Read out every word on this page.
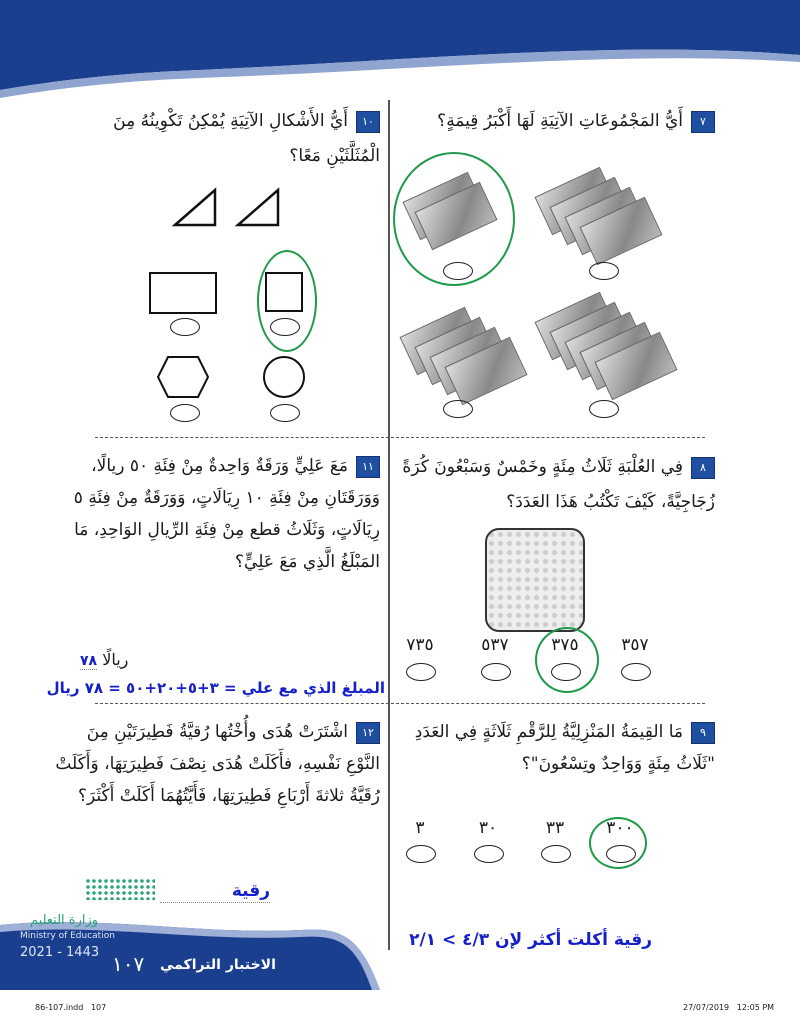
٧أَيُّ المَجْمُوعَاتِ الآتِيَةِ لَهَا أَكْبَرُ قِيمَةٍ؟
١٠أَيُّ الأَشْكالِ الآتِيَةِ يُمْكِنُ تَكْوِينُهُ مِنَ الْمُثَلَّثَيْنِ مَعًا؟
٨فِي العُلْبَةِ ثَلَاثُ مِئَةٍ وخَمْسٌ وَسَبْعُونَ كُرَةً زُجَاجِيَّةً، كَيْفَ تَكْتُبُ هَذَا العَدَدَ؟
٣٥٧
٣٧٥
٥٣٧
٧٣٥
١١مَعَ عَلِيٍّ وَرَقَةٌ وَاحِدةٌ مِنْ فِئَةِ ٥٠ ريالًا، وَوَرَقَتَانِ مِنْ فِئَةِ ١٠ رِيَالَاتٍ، وَوَرَقَةٌ مِنْ فِئَةِ ٥ رِيَالَاتٍ، وَثَلَاثُ قطع مِنْ فِئَةِ الرِّيالِ الوَاحِدِ، مَا المَبْلَغُ الَّذِي مَعَ عَلِيٍّ؟
ريالًا ٧٨
المبلغ الذي مع علي = ٣+٥+٢٠+٥٠ = ٧٨ ريال
٩مَا القِيمَةُ المَنْزِلِيَّةُ لِلرَّقْمِ ثَلَاثَةٍ فِي العَدَدِ "ثَلَاثُ مِئَةٍ وَوَاحِدٌ وتِسْعُونَ"؟
٣٠٠
٣٣
٣٠
٣
رقية أكلت أكثر لإن ٤/٣ > ٢/١
١٢اشْتَرَتْ هُدَى وأُخْتُها رُقيَّةُ فَطِيرَتَيْنِ مِنَ النَّوْعِ نَفْسِهِ، فأَكَلَتْ هُدَى نِصْفَ فَطِيرَتِهَا، وَأَكَلَتْ رُقَيَّةُ ثلاثةَ أَرْبَاعِ فَطِيرَتِهَا، فَأَيَّتُهُمَا أَكَلَتْ أَكْثَرَ؟
رقية
وزارة التعليم
Ministry of Education
2021 - 1443 ١٠٧ الاختبار التراكمي
86-107.indd   107	27/07/2019   12:05 PM
